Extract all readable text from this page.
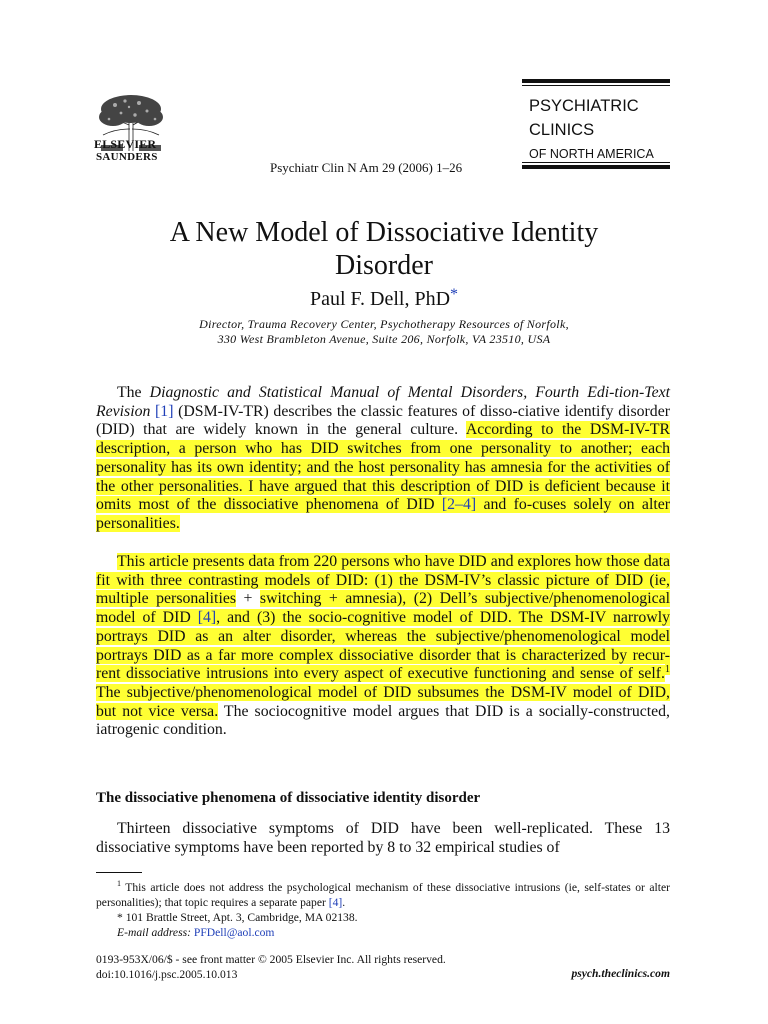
ELSEVIER
SAUNDERS
Psychiatr Clin N Am 29 (2006) 1–26
PSYCHIATRIC
CLINICS
OF NORTH AMERICA
A New Model of Dissociative Identity
Disorder
Paul F. Dell, PhD*
Director, Trauma Recovery Center, Psychotherapy Resources of Norfolk,
330 West Brambleton Avenue, Suite 206, Norfolk, VA 23510, USA

The Diagnostic and Statistical Manual of Mental Disorders, Fourth Edi-tion-Text Revision [1] (DSM-IV-TR) describes the classic features of disso-ciative identify disorder (DID) that are widely known in the general culture. According to the DSM-IV-TR description, a person who has DID switches from one personality to another; each personality has its own identity; and the host personality has amnesia for the activities of the other personalities. I have argued that this description of DID is deficient because it omits most of the dissociative phenomena of DID [2–4] and fo-cuses solely on alter personalities.

This article presents data from 220 persons who have DID and explores how those data fit with three contrasting models of DID: (1) the DSM-IV’s classic picture of DID (ie, multiple personalities + switching + amnesia), (2) Dell’s subjective/phenomenological model of DID [4], and (3) the socio-cognitive model of DID. The DSM-IV narrowly portrays DID as an alter disorder, whereas the subjective/phenomenological model portrays DID as a far more complex dissociative disorder that is characterized by recur-rent dissociative intrusions into every aspect of executive functioning and sense of self.$^1$ The subjective/phenomenological model of DID subsumes the DSM-IV model of DID, but not vice versa. The sociocognitive model argues that DID is a socially-constructed, iatrogenic condition.

The dissociative phenomena of dissociative identity disorder

Thirteen dissociative symptoms of DID have been well-replicated. These 13 dissociative symptoms have been reported by 8 to 32 empirical studies of

$^1$ This article does not address the psychological mechanism of these dissociative intrusions (ie, self-states or alter personalities); that topic requires a separate paper [4].
* 101 Brattle Street, Apt. 3, Cambridge, MA 02138.
E-mail address: PFDell@aol.com
0193-953X/06/$ - see front matter © 2005 Elsevier Inc. All rights reserved.
doi:10.1016/j.psc.2005.10.013	psych.theclinics.com
